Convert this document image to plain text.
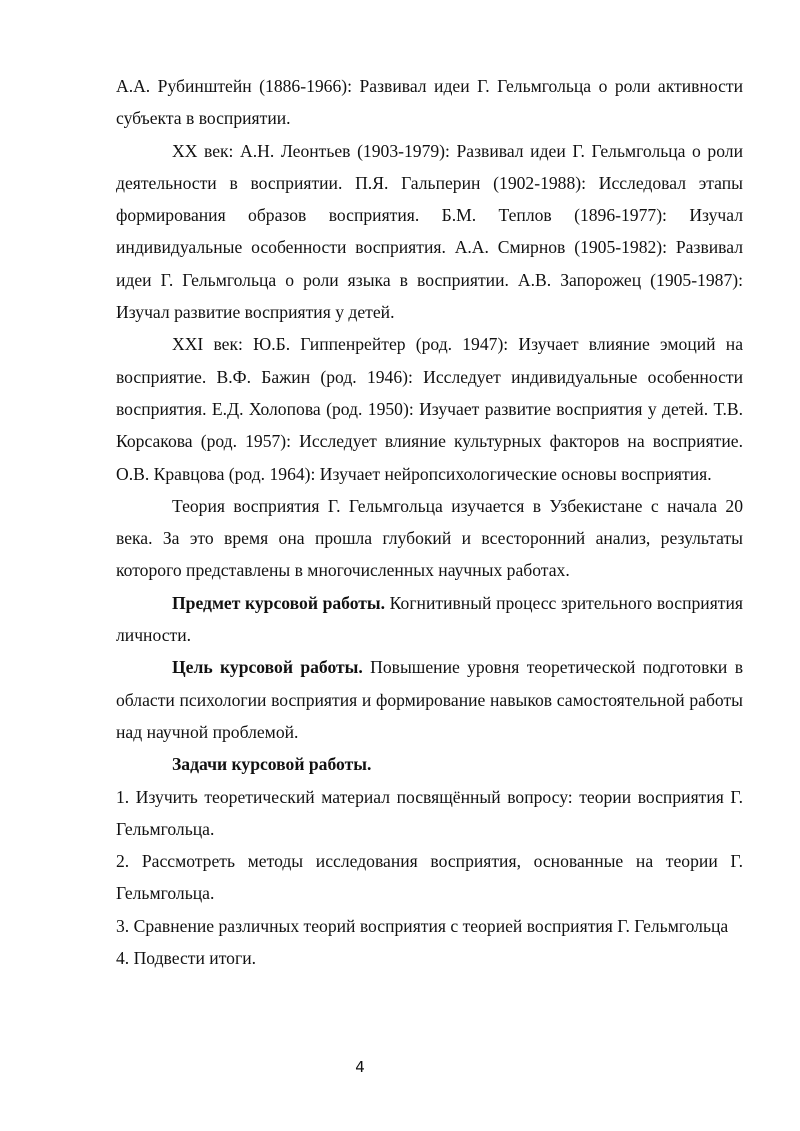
А.А. Рубинштейн (1886-1966): Развивал идеи Г. Гельмгольца о роли активности субъекта в восприятии.

XX век: А.Н. Леонтьев (1903-1979): Развивал идеи Г. Гельмгольца о роли деятельности в восприятии. П.Я. Гальперин (1902-1988): Исследовал этапы формирования образов восприятия. Б.М. Теплов (1896-1977): Изучал индивидуальные особенности восприятия. А.А. Смирнов (1905-1982): Развивал идеи Г. Гельмгольца о роли языка в восприятии. А.В. Запорожец (1905-1987): Изучал развитие восприятия у детей.

XXI век: Ю.Б. Гиппенрейтер (род. 1947): Изучает влияние эмоций на восприятие. В.Ф. Бажин (род. 1946): Исследует индивидуальные особенности восприятия. Е.Д. Холопова (род. 1950): Изучает развитие восприятия у детей. Т.В. Корсакова (род. 1957): Исследует влияние культурных факторов на восприятие. О.В. Кравцова (род. 1964): Изучает нейропсихологические основы восприятия.

Теория восприятия Г. Гельмгольца изучается в Узбекистане с начала 20 века. За это время она прошла глубокий и всесторонний анализ, результаты которого представлены в многочисленных научных работах.

Предмет курсовой работы. Когнитивный процесс зрительного восприятия личности.

Цель курсовой работы. Повышение уровня теоретической подготовки в области психологии восприятия и формирование навыков самостоятельной работы над научной проблемой.

Задачи курсовой работы.

1. Изучить теоретический материал посвящённый вопросу: теории восприятия Г. Гельмгольца.

2. Рассмотреть методы исследования восприятия, основанные на теории Г. Гельмгольца.

3. Сравнение различных теорий восприятия с теорией восприятия Г. Гельмгольца

4. Подвести итоги.

4
